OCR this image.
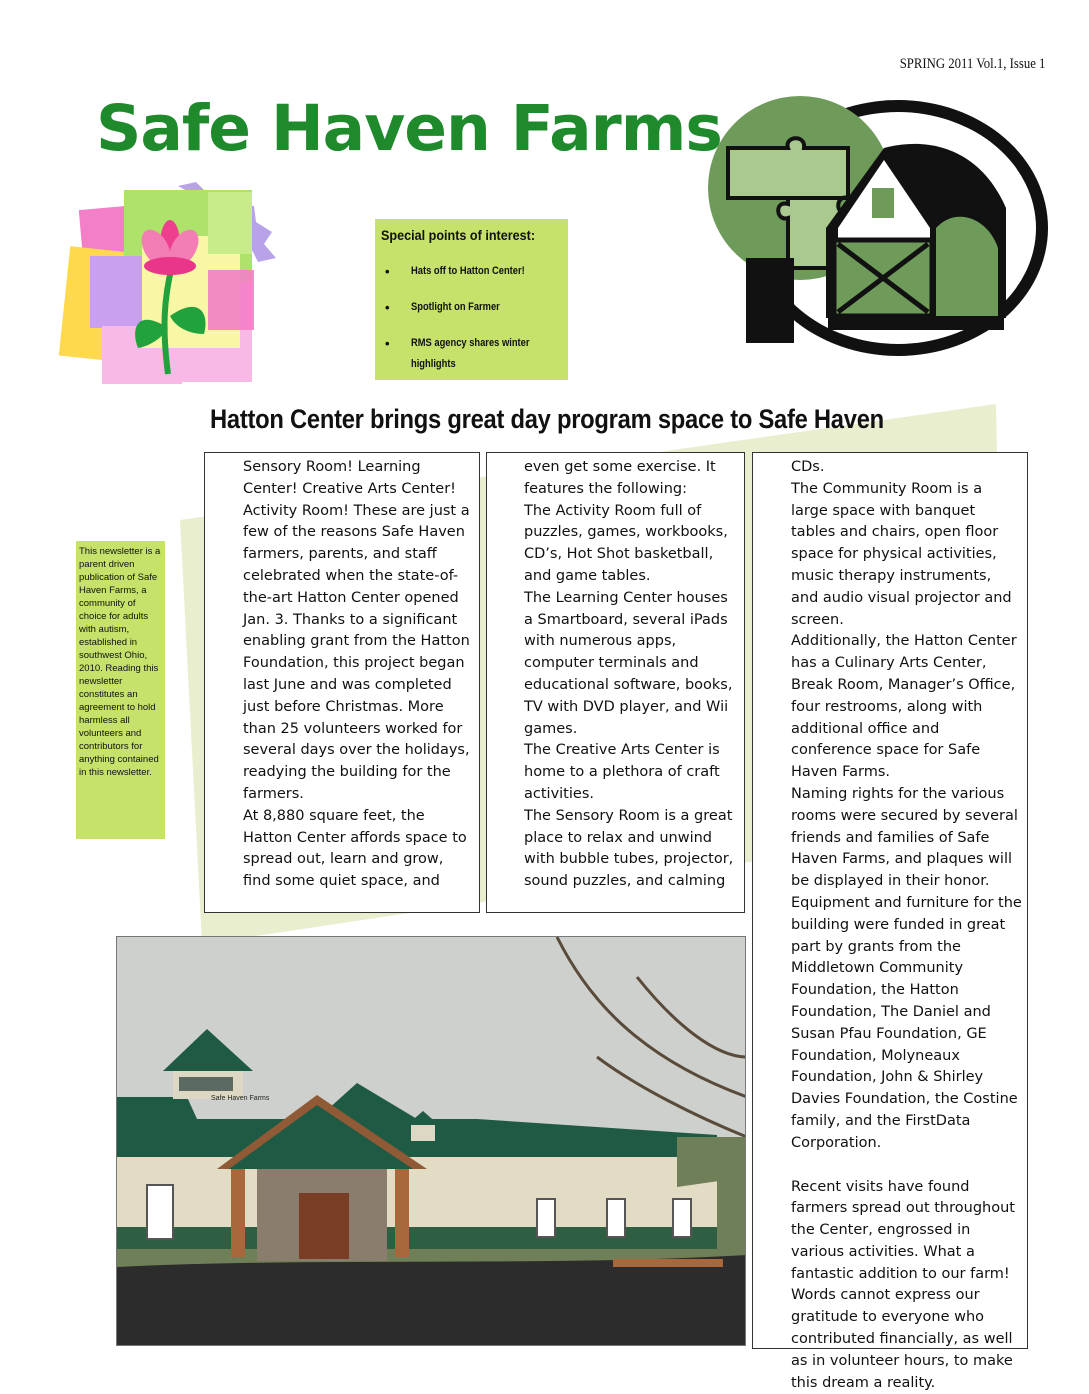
SPRING 2011 Vol.1, Issue 1
Safe Haven Farms
Special points of interest:
• Hats off to Hatton Center!
• Spotlight on Farmer
• RMS agency shares winter highlights
Hatton Center brings great day program space to Safe Haven
This newsletter is a parent driven publication of Safe Haven Farms, a community of choice for adults with autism, established in southwest Ohio, 2010. Reading this newsletter constitutes an agreement to hold harmless all volunteers and contributors for anything contained in this newsletter.

Sensory Room! Learning Center! Creative Arts Center! Activity Room! These are just a few of the reasons Safe Haven farmers, parents, and staff celebrated when the state-of-the-art Hatton Center opened Jan. 3. Thanks to a significant enabling grant from the Hatton Foundation, this project began last June and was completed just before Christmas. More than 25 volunteers worked for several days over the holidays, readying the building for the farmers.

At 8,880 square feet, the Hatton Center affords space to spread out, learn and grow, find some quiet space, and

even get some exercise. It features the following:

The Activity Room full of puzzles, games, workbooks, CD’s, Hot Shot basketball, and game tables.

The Learning Center houses a Smartboard, several iPads with numerous apps, computer terminals and educational software, books, TV with DVD player, and Wii games.

The Creative Arts Center is home to a plethora of craft activities.

The Sensory Room is a great place to relax and unwind with bubble tubes, projector, sound puzzles, and calming

CDs.

The Community Room is a large space with banquet tables and chairs, open floor space for physical activities, music therapy instruments, and audio visual projector and screen.

Additionally, the Hatton Center has a Culinary Arts Center, Break Room, Manager’s Office, four restrooms, along with additional office and conference space for Safe Haven Farms.

Naming rights for the various rooms were secured by several friends and families of Safe Haven Farms, and plaques will be displayed in their honor.

Equipment and furniture for the building were funded in great part by grants from the Middletown Community Foundation, the Hatton Foundation, The Daniel and Susan Pfau Foundation, GE Foundation, Molyneaux Foundation, John & Shirley Davies Foundation, the Costine family, and the FirstData Corporation.

Recent visits have found farmers spread out throughout the Center, engrossed in various activities. What a fantastic addition to our farm! Words cannot express our gratitude to everyone who contributed financially, as well as in volunteer hours, to make this dream a reality.

Safe Haven Farms
